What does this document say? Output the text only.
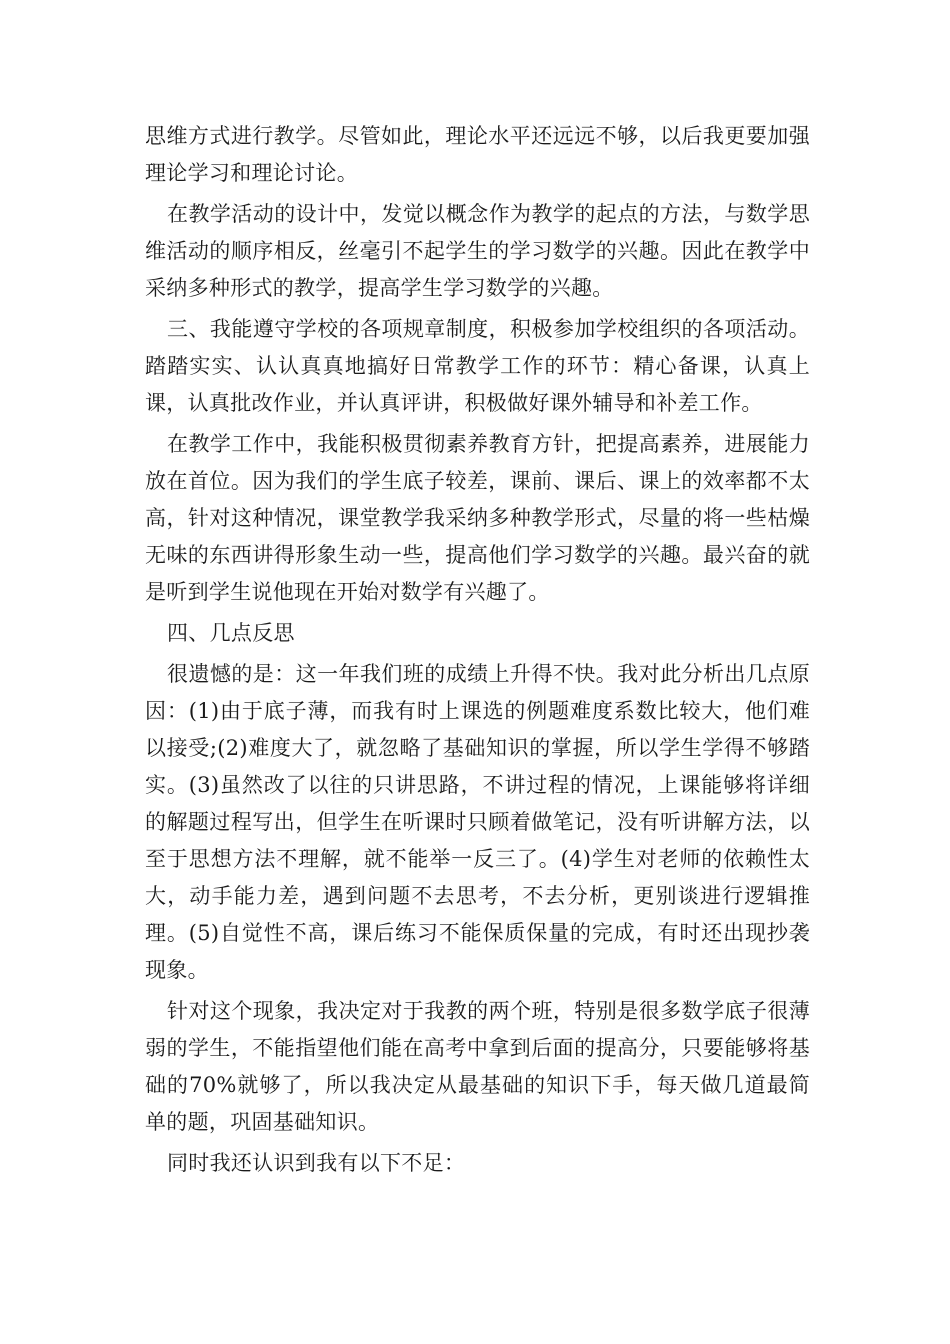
思维方式进行教学。尽管如此，理论水平还远远不够，以后我更要加强理论学习和理论讨论。

在教学活动的设计中，发觉以概念作为教学的起点的方法，与数学思维活动的顺序相反，丝毫引不起学生的学习数学的兴趣。因此在教学中采纳多种形式的教学，提高学生学习数学的兴趣。

三、我能遵守学校的各项规章制度，积极参加学校组织的各项活动。踏踏实实、认认真真地搞好日常教学工作的环节：精心备课，认真上课，认真批改作业，并认真评讲，积极做好课外辅导和补差工作。

在教学工作中，我能积极贯彻素养教育方针，把提高素养，进展能力放在首位。因为我们的学生底子较差，课前、课后、课上的效率都不太高，针对这种情况，课堂教学我采纳多种教学形式，尽量的将一些枯燥无味的东西讲得形象生动一些，提高他们学习数学的兴趣。最兴奋的就是听到学生说他现在开始对数学有兴趣了。

四、几点反思

很遗憾的是：这一年我们班的成绩上升得不快。我对此分析出几点原因：(1)由于底子薄，而我有时上课选的例题难度系数比较大，他们难以接受;(2)难度大了，就忽略了基础知识的掌握，所以学生学得不够踏实。(3)虽然改了以往的只讲思路，不讲过程的情况，上课能够将详细的解题过程写出，但学生在听课时只顾着做笔记，没有听讲解方法，以至于思想方法不理解，就不能举一反三了。(4)学生对老师的依赖性太大，动手能力差，遇到问题不去思考，不去分析，更别谈进行逻辑推理。(5)自觉性不高，课后练习不能保质保量的完成，有时还出现抄袭现象。

针对这个现象，我决定对于我教的两个班，特别是很多数学底子很薄弱的学生，不能指望他们能在高考中拿到后面的提高分，只要能够将基础的70%就够了，所以我决定从最基础的知识下手，每天做几道最简单的题，巩固基础知识。

同时我还认识到我有以下不足：
